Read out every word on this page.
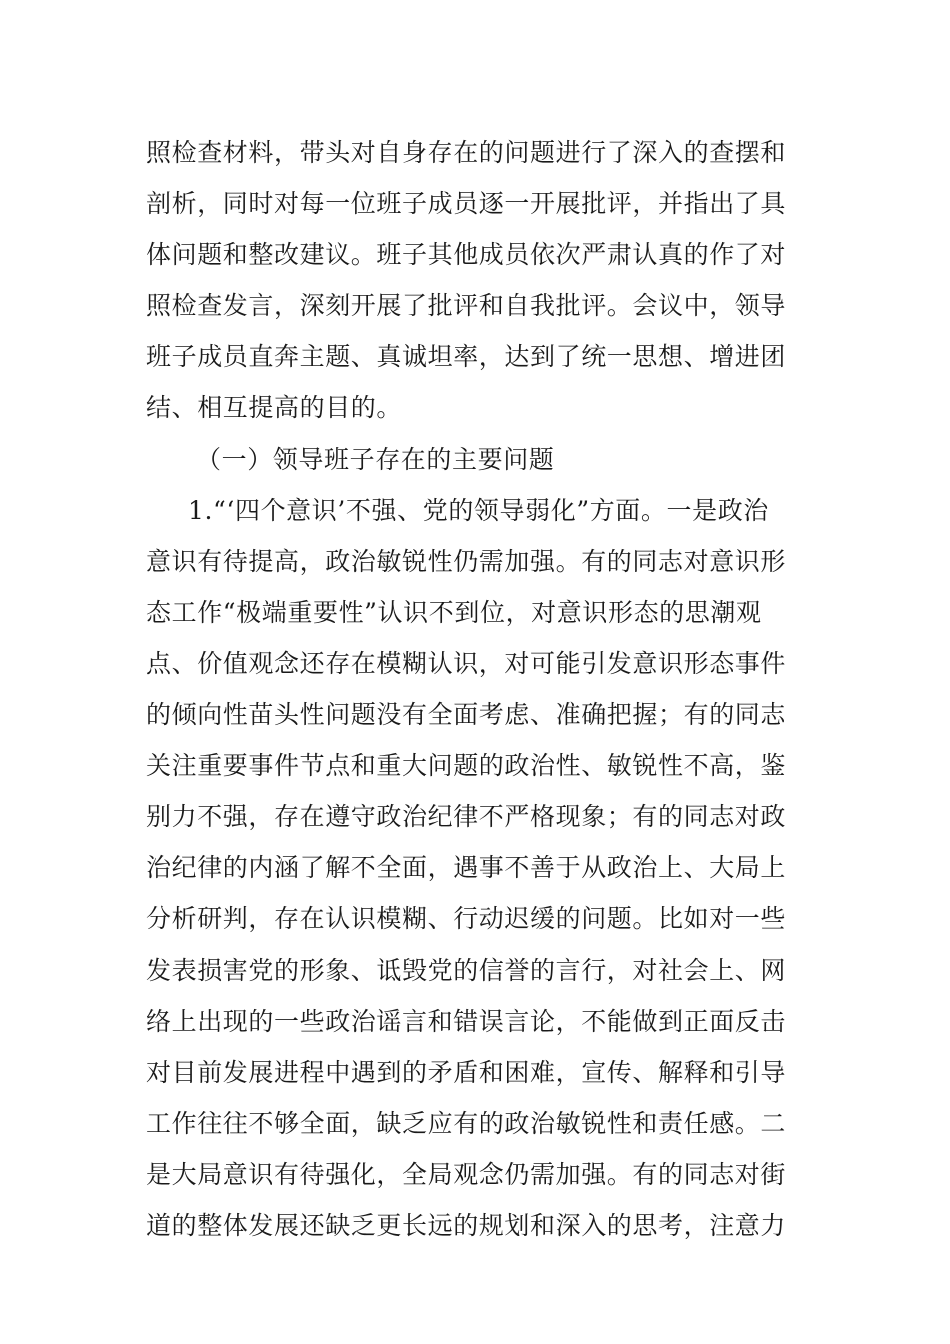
照检查材料，带头对自身存在的问题进行了深入的查摆和
剖析，同时对每一位班子成员逐一开展批评，并指出了具
体问题和整改建议。班子其他成员依次严肃认真的作了对
照检查发言，深刻开展了批评和自我批评。会议中，领导
班子成员直奔主题、真诚坦率，达到了统一思想、增进团
结、相互提高的目的。
（一）领导班子存在的主要问题
1.“‘四个意识’不强、党的领导弱化”方面。一是政治
意识有待提高，政治敏锐性仍需加强。有的同志对意识形
态工作“极端重要性”认识不到位，对意识形态的思潮观
点、价值观念还存在模糊认识，对可能引发意识形态事件
的倾向性苗头性问题没有全面考虑、准确把握；有的同志
关注重要事件节点和重大问题的政治性、敏锐性不高，鉴
别力不强，存在遵守政治纪律不严格现象；有的同志对政
治纪律的内涵了解不全面，遇事不善于从政治上、大局上
分析研判，存在认识模糊、行动迟缓的问题。比如对一些
发表损害党的形象、诋毁党的信誉的言行，对社会上、网
络上出现的一些政治谣言和错误言论，不能做到正面反击
对目前发展进程中遇到的矛盾和困难，宣传、解释和引导
工作往往不够全面，缺乏应有的政治敏锐性和责任感。二
是大局意识有待强化，全局观念仍需加强。有的同志对街
道的整体发展还缺乏更长远的规划和深入的思考，注意力
